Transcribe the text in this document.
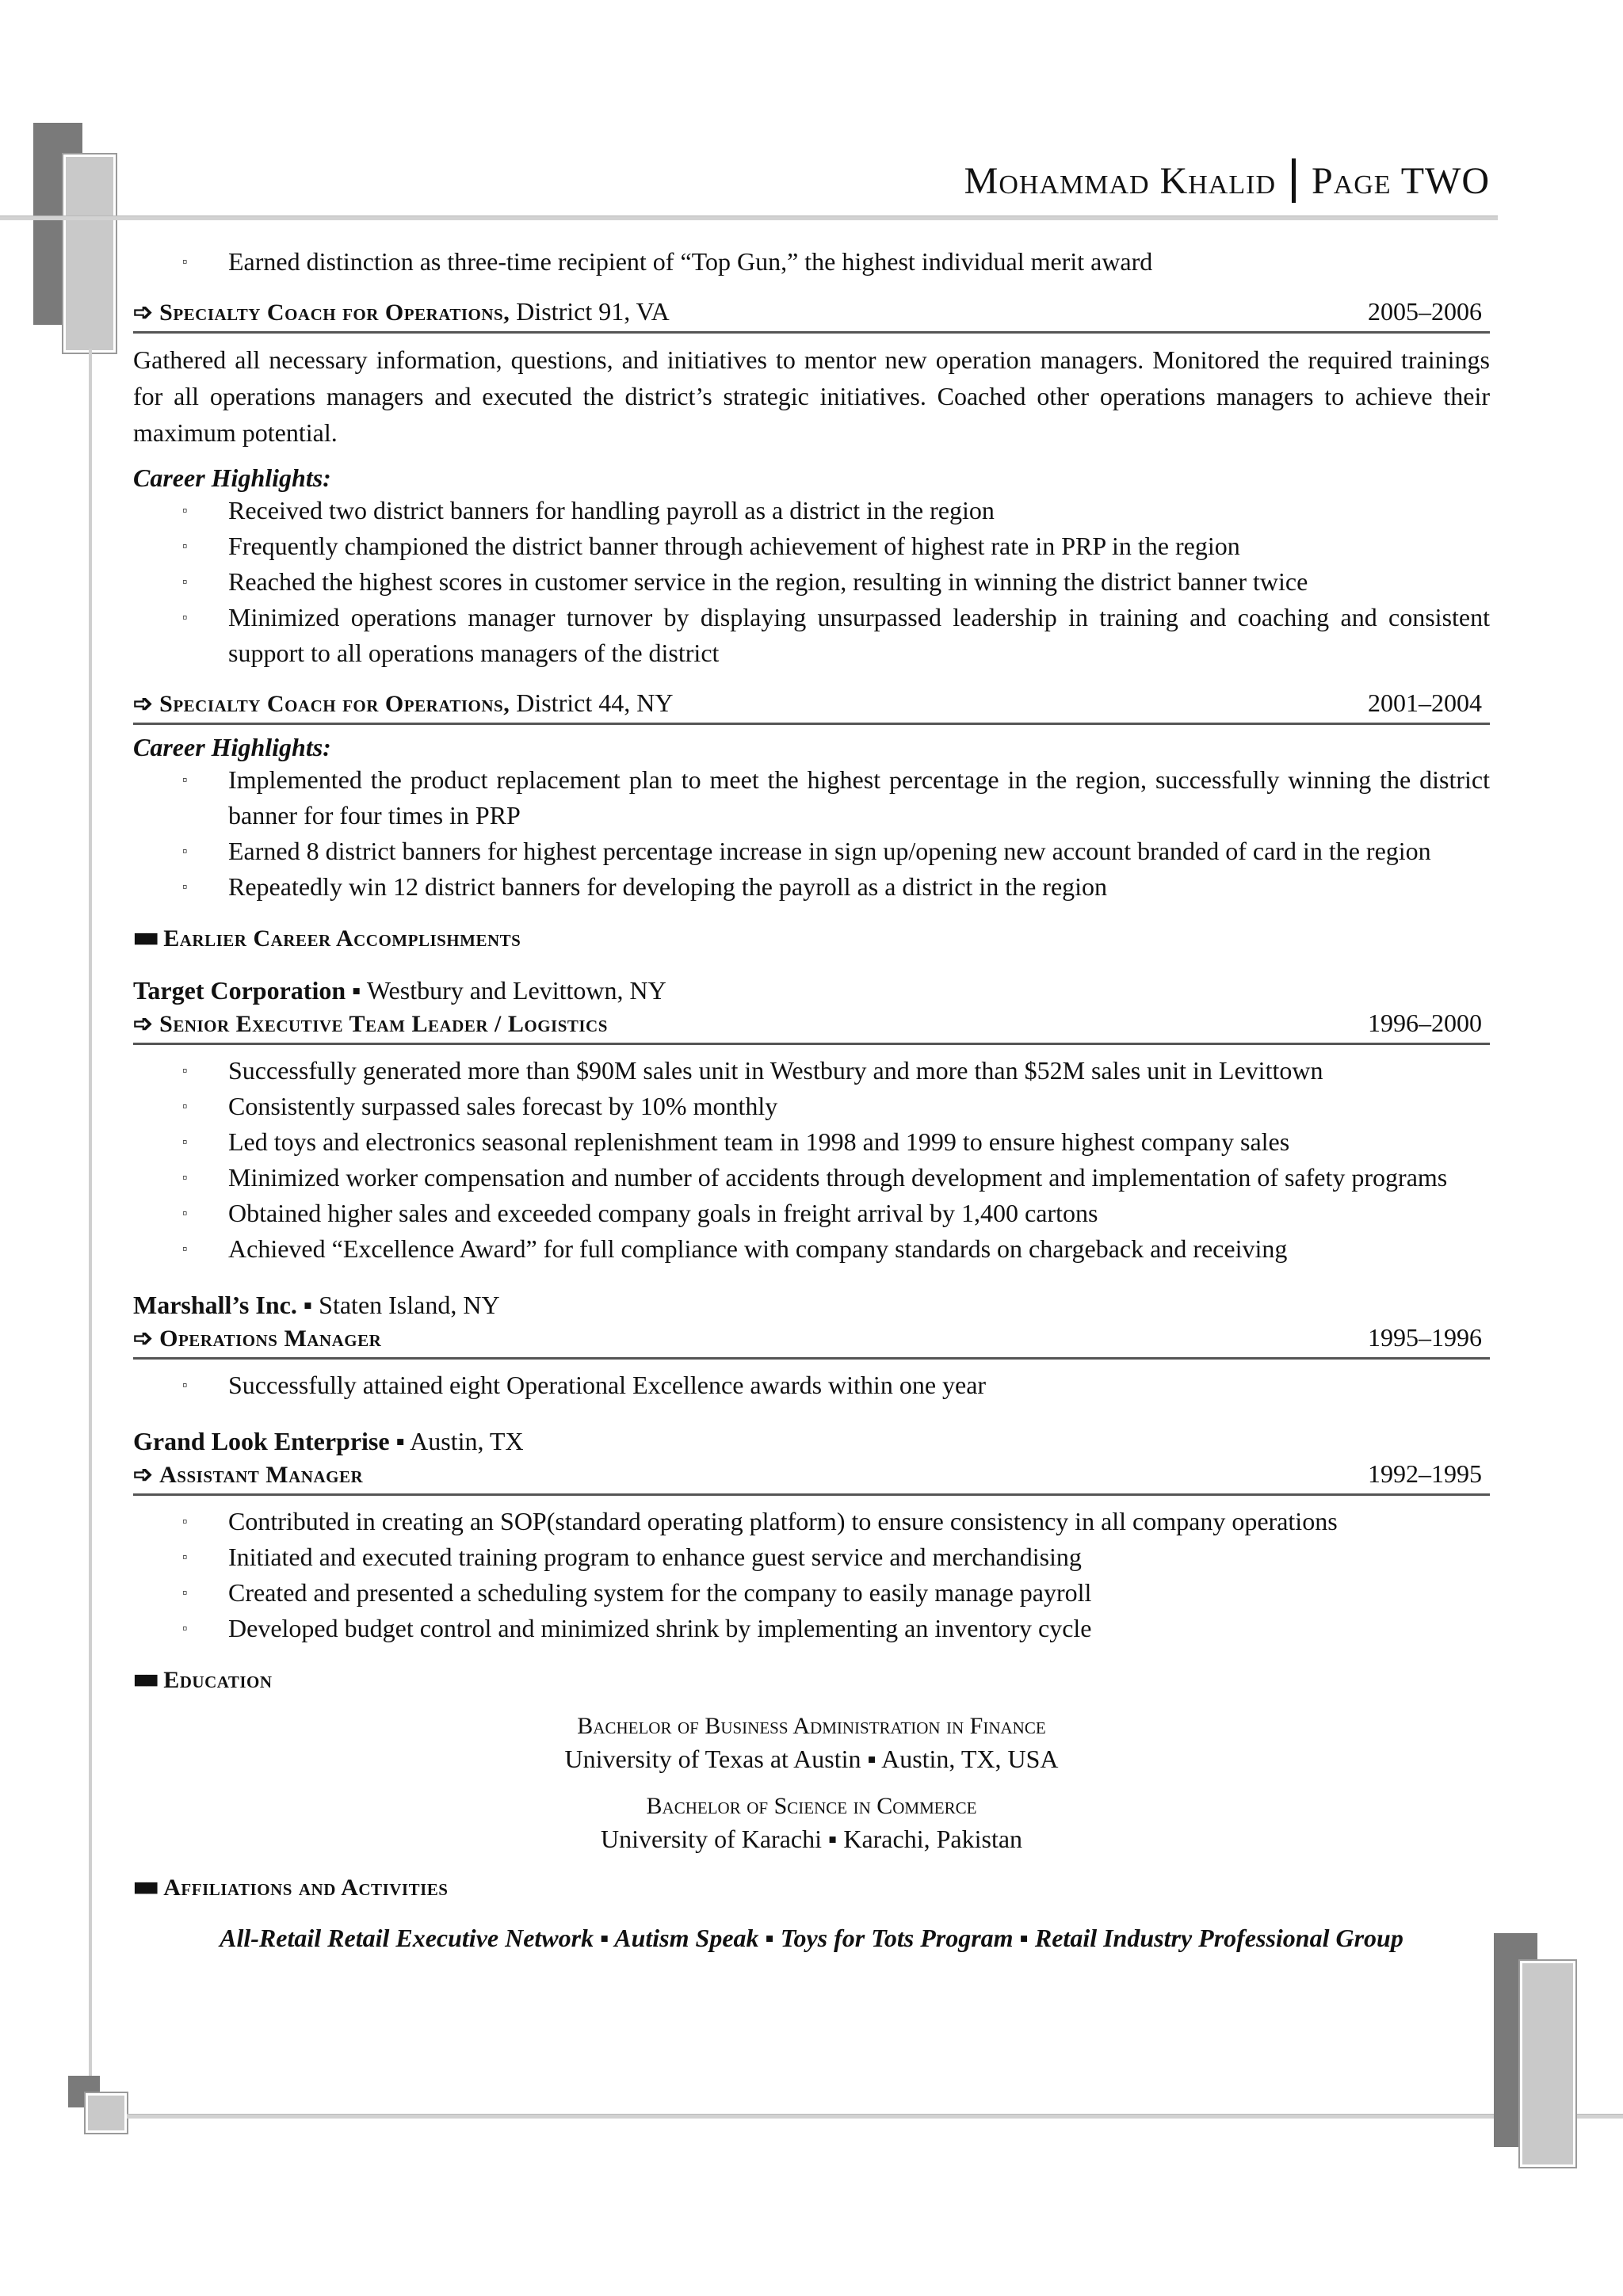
Mohammad Khalid Page TWO
▫ Earned distinction as three-time recipient of “Top Gun,” the highest individual merit award
➩ Specialty Coach for Operations, District 91, VA	2005–2006

Gathered all necessary information, questions, and initiatives to mentor new operation managers. Monitored the required trainings for all operations managers and executed the district’s strategic initiatives. Coached other operations managers to achieve their maximum potential.

Career Highlights:
▫ Received two district banners for handling payroll as a district in the region
▫ Frequently championed the district banner through achievement of highest rate in PRP in the region
▫ Reached the highest scores in customer service in the region, resulting in winning the district banner twice
▫ Minimized operations manager turnover by displaying unsurpassed leadership in training and coaching and consistent support to all operations managers of the district
➩ Specialty Coach for Operations, District 44, NY	2001–2004
Career Highlights:
▫ Implemented the product replacement plan to meet the highest percentage in the region, successfully winning the district banner for four times in PRP
▫ Earned 8 district banners for highest percentage increase in sign up/opening new account branded of card in the region
▫ Repeatedly win 12 district banners for developing the payroll as a district in the region
■■ Earlier Career Accomplishments
Target Corporation ▪ Westbury and Levittown, NY
➩ Senior Executive Team Leader / Logistics	1996–2000
▫ Successfully generated more than $90M sales unit in Westbury and more than $52M sales unit in Levittown
▫ Consistently surpassed sales forecast by 10% monthly
▫ Led toys and electronics seasonal replenishment team in 1998 and 1999 to ensure highest company sales
▫ Minimized worker compensation and number of accidents through development and implementation of safety programs
▫ Obtained higher sales and exceeded company goals in freight arrival by 1,400 cartons
▫ Achieved “Excellence Award” for full compliance with company standards on chargeback and receiving
Marshall’s Inc. ▪ Staten Island, NY
➩ Operations Manager	1995–1996
▫ Successfully attained eight Operational Excellence awards within one year
Grand Look Enterprise ▪ Austin, TX
➩ Assistant Manager	1992–1995
▫ Contributed in creating an SOP(standard operating platform) to ensure consistency in all company operations
▫ Initiated and executed training program to enhance guest service and merchandising
▫ Created and presented a scheduling system for the company to easily manage payroll
▫ Developed budget control and minimized shrink by implementing an inventory cycle
■■ Education
Bachelor of Business Administration in Finance
University of Texas at Austin ▪ Austin, TX, USA
Bachelor of Science in Commerce
University of Karachi ▪ Karachi, Pakistan
■■ Affiliations and Activities
All-Retail Retail Executive Network ▪ Autism Speak ▪ Toys for Tots Program ▪ Retail Industry Professional Group
